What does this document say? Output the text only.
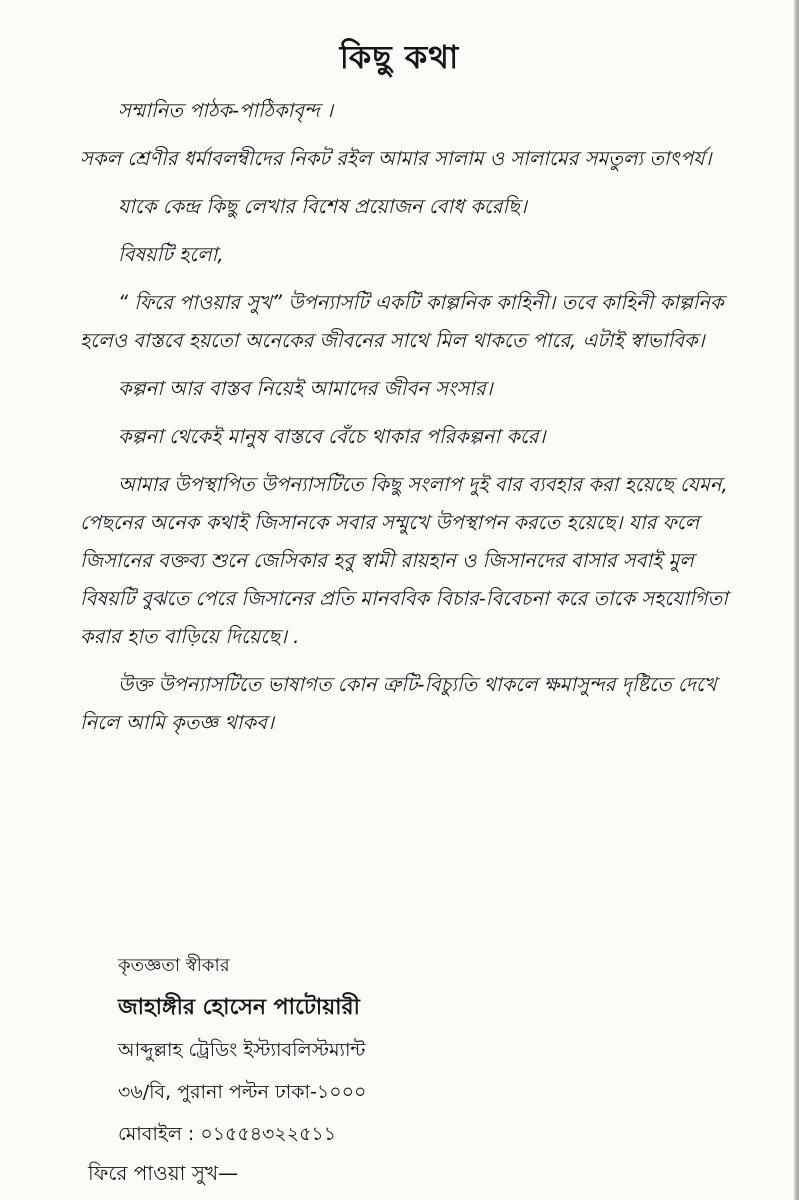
কিছু কথা

সম্মানিত পাঠক-পাঠিকাবৃন্দ ।

সকল শ্রেণীর ধর্মাবলম্বীদের নিকট রইল আমার সালাম ও সালামের সমতুল্য তাৎপর্য।

যাকে কেন্দ্র কিছু লেখার বিশেষ প্রয়োজন বোধ করেছি।

বিষয়টি হলো,

“ ফিরে পাওয়ার সুখ” উপন্যাসটি একটি কাল্পনিক কাহিনী। তবে কাহিনী কাল্পনিক হলেও বাস্তবে হয়তো অনেকের জীবনের সাথে মিল থাকতে পারে, এটাই স্বাভাবিক।

কল্পনা আর বাস্তব নিয়েই আমাদের জীবন সংসার।

কল্পনা থেকেই মানুষ বাস্তবে বেঁচে থাকার পরিকল্পনা করে।

আমার উপস্থাপিত উপন্যাসটিতে কিছু সংলাপ দুই বার ব্যবহার করা হয়েছে যেমন, পেছনের অনেক কথাই জিসানকে সবার সম্মুখে উপস্থাপন করতে হয়েছে। যার ফলে জিসানের বক্তব্য শুনে জেসিকার হবু স্বামী রায়হান ও জিসানদের বাসার সবাই মুল বিষয়টি বুঝতে পেরে জিসানের প্রতি মানববিক বিচার-বিবেচনা করে তাকে সহযোগিতা করার হাত বাড়িয়ে দিয়েছে। .

উক্ত উপন্যাসটিতে ভাষাগত কোন ত্রুটি-বিচ্যুতি থাকলে ক্ষমাসুন্দর দৃষ্টিতে দেখে নিলে আমি কৃতজ্ঞ থাকব।

কৃতজ্ঞতা স্বীকার
জাহাঙ্গীর হোসেন পাটোয়ারী
আব্দুল্লাহ ট্রেডিং ইস্ট্যাবলিস্টম্যান্ট
৩৬/বি, পুরানা পল্টন ঢাকা-১০০০
মোবাইল : ০১৫৫৪৩২২৫১১
ফিরে পাওয়া সুখ—
